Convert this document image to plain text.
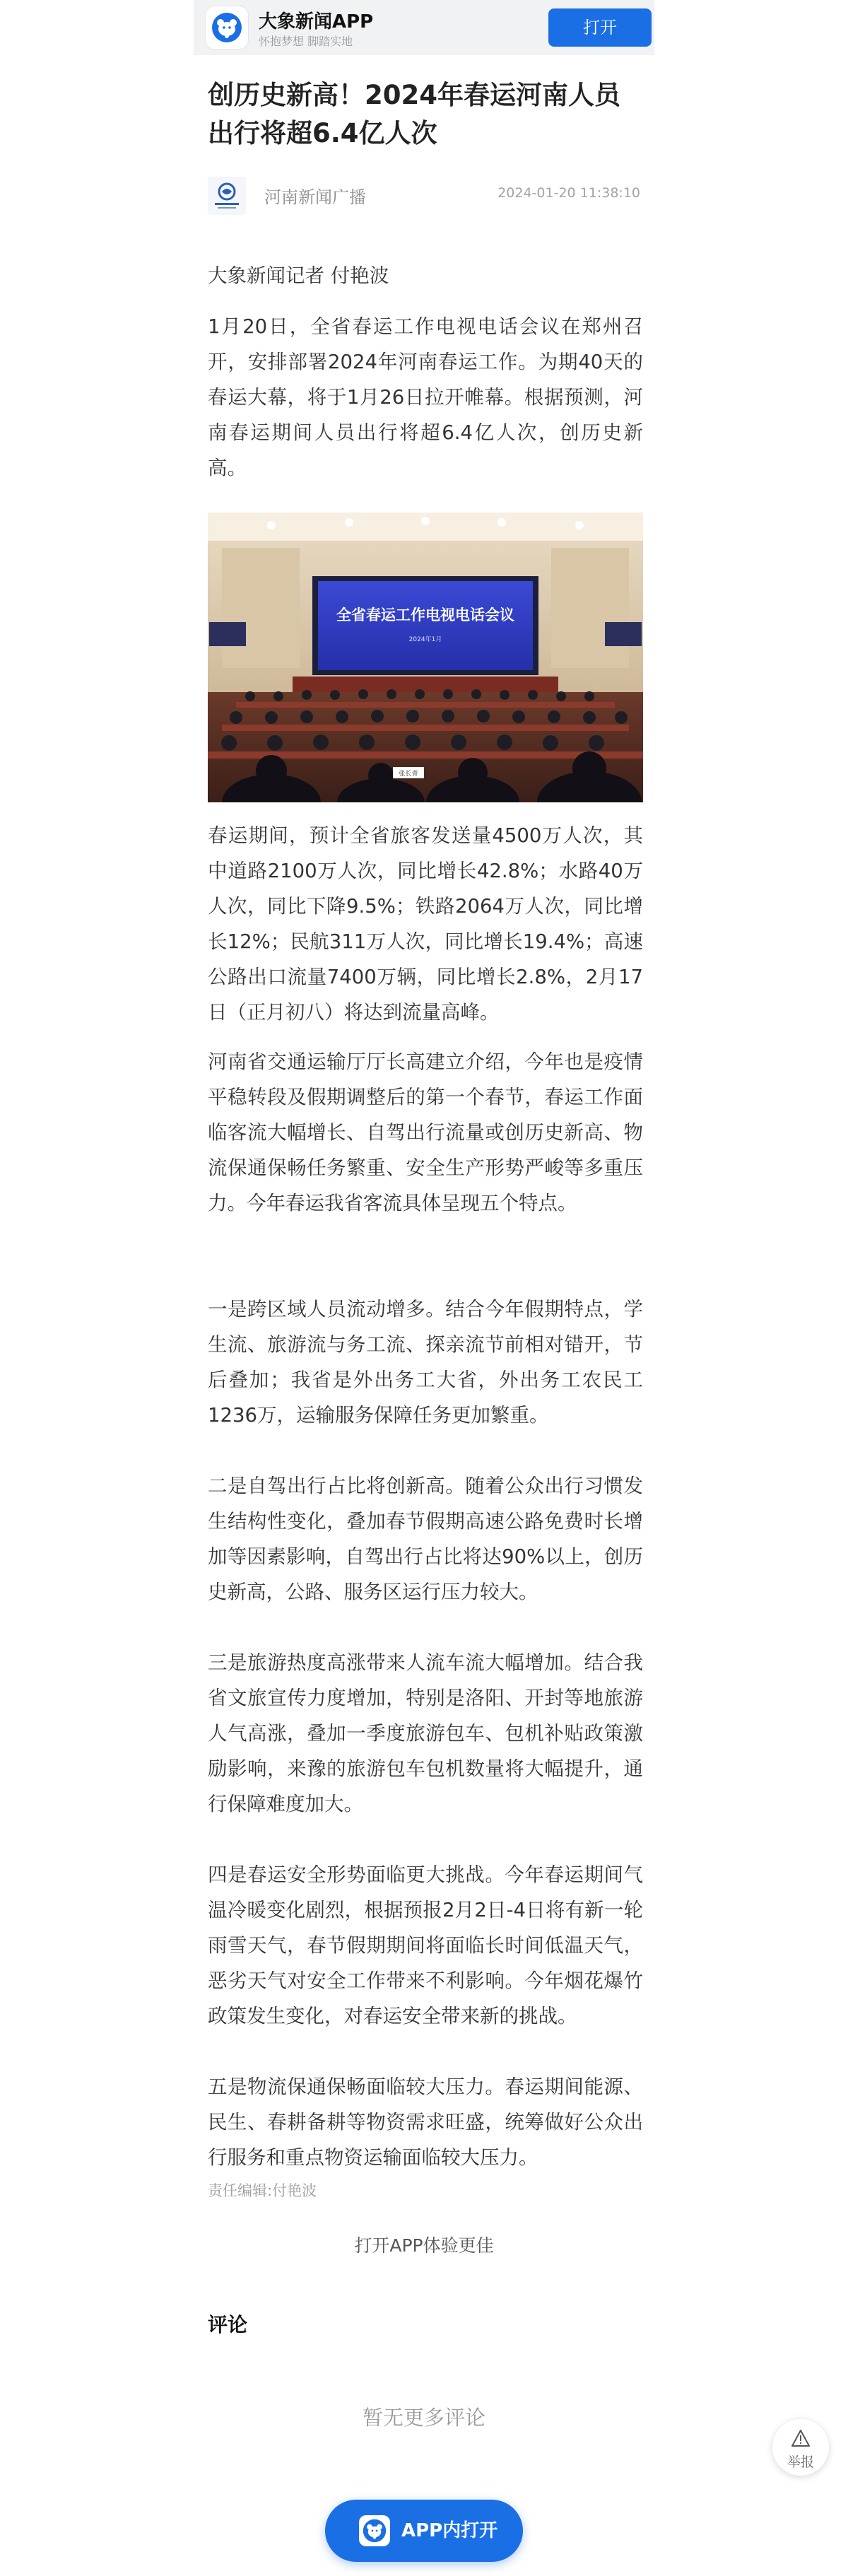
大象新闻APP
怀抱梦想 脚踏实地
打开
创历史新高！2024年春运河南人员出行将超6.4亿人次
河南新闻广播	2024-01-20 11:38:10

大象新闻记者 付艳波

1月20日，全省春运工作电视电话会议在郑州召开，安排部署2024年河南春运工作。为期40天的春运大幕，将于1月26日拉开帷幕。根据预测，河南春运期间人员出行将超6.4亿人次，创历史新高。

全省春运工作电视电话会议
2024年1月
张长青

春运期间，预计全省旅客发送量4500万人次，其中道路2100万人次，同比增长42.8%；水路40万人次，同比下降9.5%；铁路2064万人次，同比增长12%；民航311万人次，同比增长19.4%；高速公路出口流量7400万辆，同比增长2.8%，2月17日（正月初八）将达到流量高峰。

河南省交通运输厅厅长高建立介绍，今年也是疫情平稳转段及假期调整后的第一个春节，春运工作面临客流大幅增长、自驾出行流量或创历史新高、物流保通保畅任务繁重、安全生产形势严峻等多重压力。今年春运我省客流具体呈现五个特点。

一是跨区域人员流动增多。结合今年假期特点，学生流、旅游流与务工流、探亲流节前相对错开，节后叠加；我省是外出务工大省，外出务工农民工1236万，运输服务保障任务更加繁重。

二是自驾出行占比将创新高。随着公众出行习惯发生结构性变化，叠加春节假期高速公路免费时长增加等因素影响，自驾出行占比将达90%以上，创历史新高，公路、服务区运行压力较大。

三是旅游热度高涨带来人流车流大幅增加。结合我省文旅宣传力度增加，特别是洛阳、开封等地旅游人气高涨，叠加一季度旅游包车、包机补贴政策激励影响，来豫的旅游包车包机数量将大幅提升，通行保障难度加大。

四是春运安全形势面临更大挑战。今年春运期间气温冷暖变化剧烈，根据预报2月2日-4日将有新一轮雨雪天气，春节假期期间将面临长时间低温天气，恶劣天气对安全工作带来不利影响。今年烟花爆竹政策发生变化，对春运安全带来新的挑战。

五是物流保通保畅面临较大压力。春运期间能源、民生、春耕备耕等物资需求旺盛，统筹做好公众出行服务和重点物资运输面临较大压力。

责任编辑:付艳波
打开APP体验更佳
评论
暂无更多评论
举报
APP内打开
